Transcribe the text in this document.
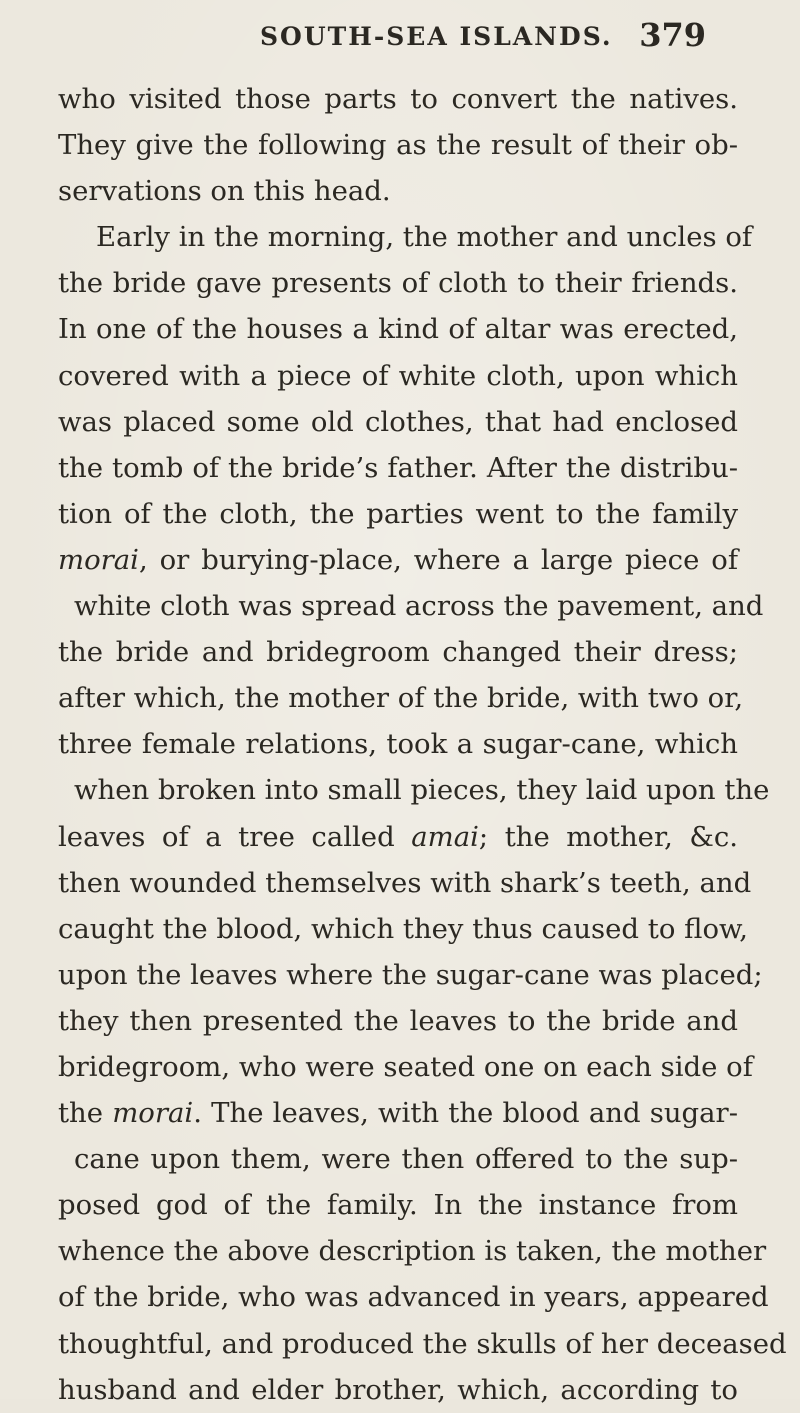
SOUTH-SEA ISLANDS. 379
who visited those parts to convert the natives.
They give the following as the result of their ob-
servations on this head.
Early in the morning, the mother and uncles of
the bride gave presents of cloth to their friends.
In one of the houses a kind of altar was erected,
covered with a piece of white cloth, upon which
was placed some old clothes, that had enclosed
the tomb of the bride’s father. After the distribu-
tion of the cloth, the parties went to the family
morai, or burying-place, where a large piece of
white cloth was spread across the pavement, and
the bride and bridegroom changed their dress;
after which, the mother of the bride, with two or,
three female relations, took a sugar-cane, which
when broken into small pieces, they laid upon the
leaves of a tree called amai; the mother, &c.
then wounded themselves with shark’s teeth, and
caught the blood, which they thus caused to flow,
upon the leaves where the sugar-cane was placed;
they then presented the leaves to the bride and
bridegroom, who were seated one on each side of
the morai. The leaves, with the blood and sugar-
cane upon them, were then offered to the sup-
posed god of the family. In the instance from
whence the above description is taken, the mother
of the bride, who was advanced in years, appeared
thoughtful, and produced the skulls of her deceased
husband and elder brother, which, according to
